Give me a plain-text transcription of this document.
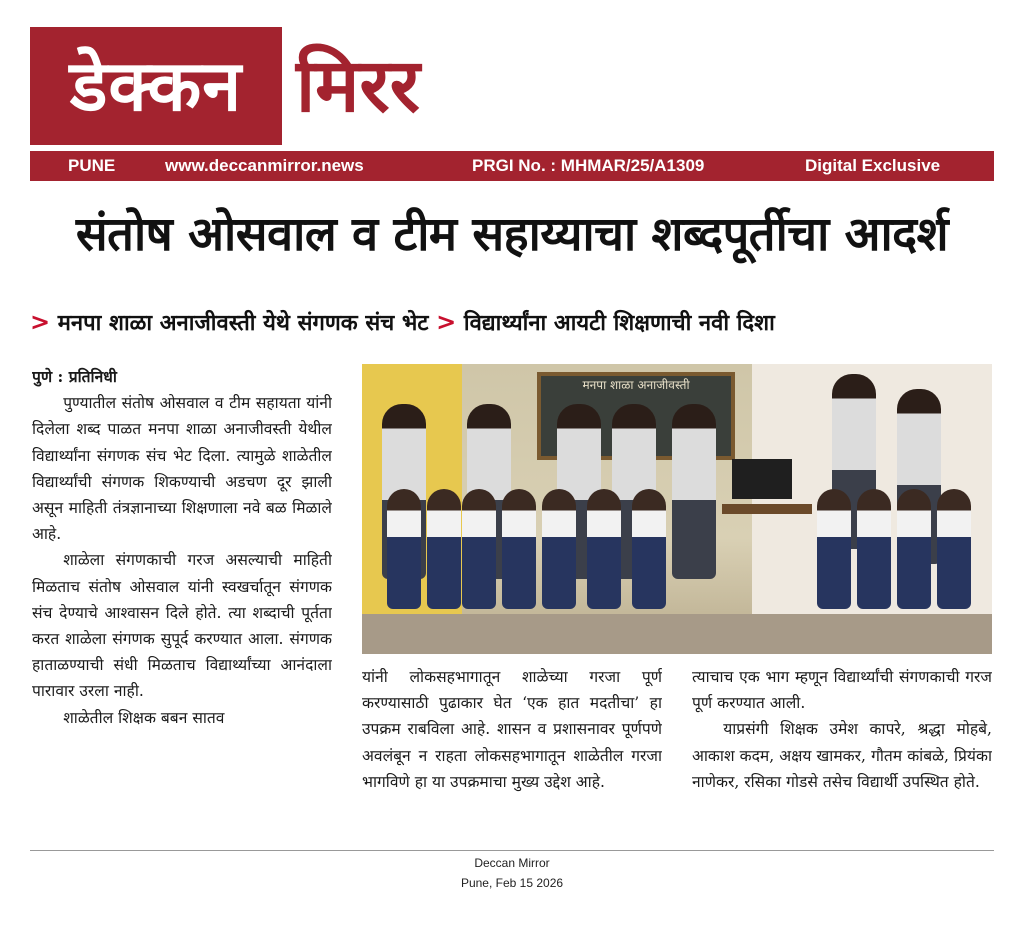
डेक्कन मिरर
PUNE	www.deccanmirror.news	PRGI No. : MHMAR/25/A1309	Digital Exclusive
संतोष ओसवाल व टीम सहाय्याचा शब्दपूर्तीचा आदर्श
> मनपा शाळा अनाजीवस्ती येथे संगणक संच भेट > विद्यार्थ्यांना आयटी शिक्षणाची नवी दिशा
पुणे : प्रतिनिधी

पुण्यातील संतोष ओसवाल व टीम सहायता यांनी दिलेला शब्द पाळत मनपा शाळा अनाजीवस्ती येथील विद्यार्थ्यांना संगणक संच भेट दिला. त्यामुळे शाळेतील विद्यार्थ्यांची संगणक शिकण्याची अडचण दूर झाली असून माहिती तंत्रज्ञानाच्या शिक्षणाला नवे बळ मिळाले आहे.

शाळेला संगणकाची गरज असल्याची माहिती मिळताच संतोष ओसवाल यांनी स्वखर्चातून संगणक संच देण्याचे आश्वासन दिले होते. त्या शब्दाची पूर्तता करत शाळेला संगणक सुपूर्द करण्यात आला. संगणक हाताळण्याची संधी मिळताच विद्यार्थ्यांच्या आनंदाला पारावार उरला नाही.

शाळेतील शिक्षक बबन सातव

मनपा शाळा अनाजीवस्ती

यांनी लोकसहभागातून शाळेच्या गरजा पूर्ण करण्यासाठी पुढाकार घेत ‘एक हात मदतीचा’ हा उपक्रम राबविला आहे. शासन व प्रशासनावर पूर्णपणे अवलंबून न राहता लोकसहभागातून शाळेतील गरजा भागविणे हा या उपक्रमाचा मुख्य उद्देश आहे.

त्याचाच एक भाग म्हणून विद्यार्थ्यांची संगणकाची गरज पूर्ण करण्यात आली.

याप्रसंगी शिक्षक उमेश कापरे, श्रद्धा मोहबे, आकाश कदम, अक्षय खामकर, गौतम कांबळे, प्रियंका नाणेकर, रसिका गोडसे तसेच विद्यार्थी उपस्थित होते.

Deccan Mirror
Pune, Feb 15 2026
